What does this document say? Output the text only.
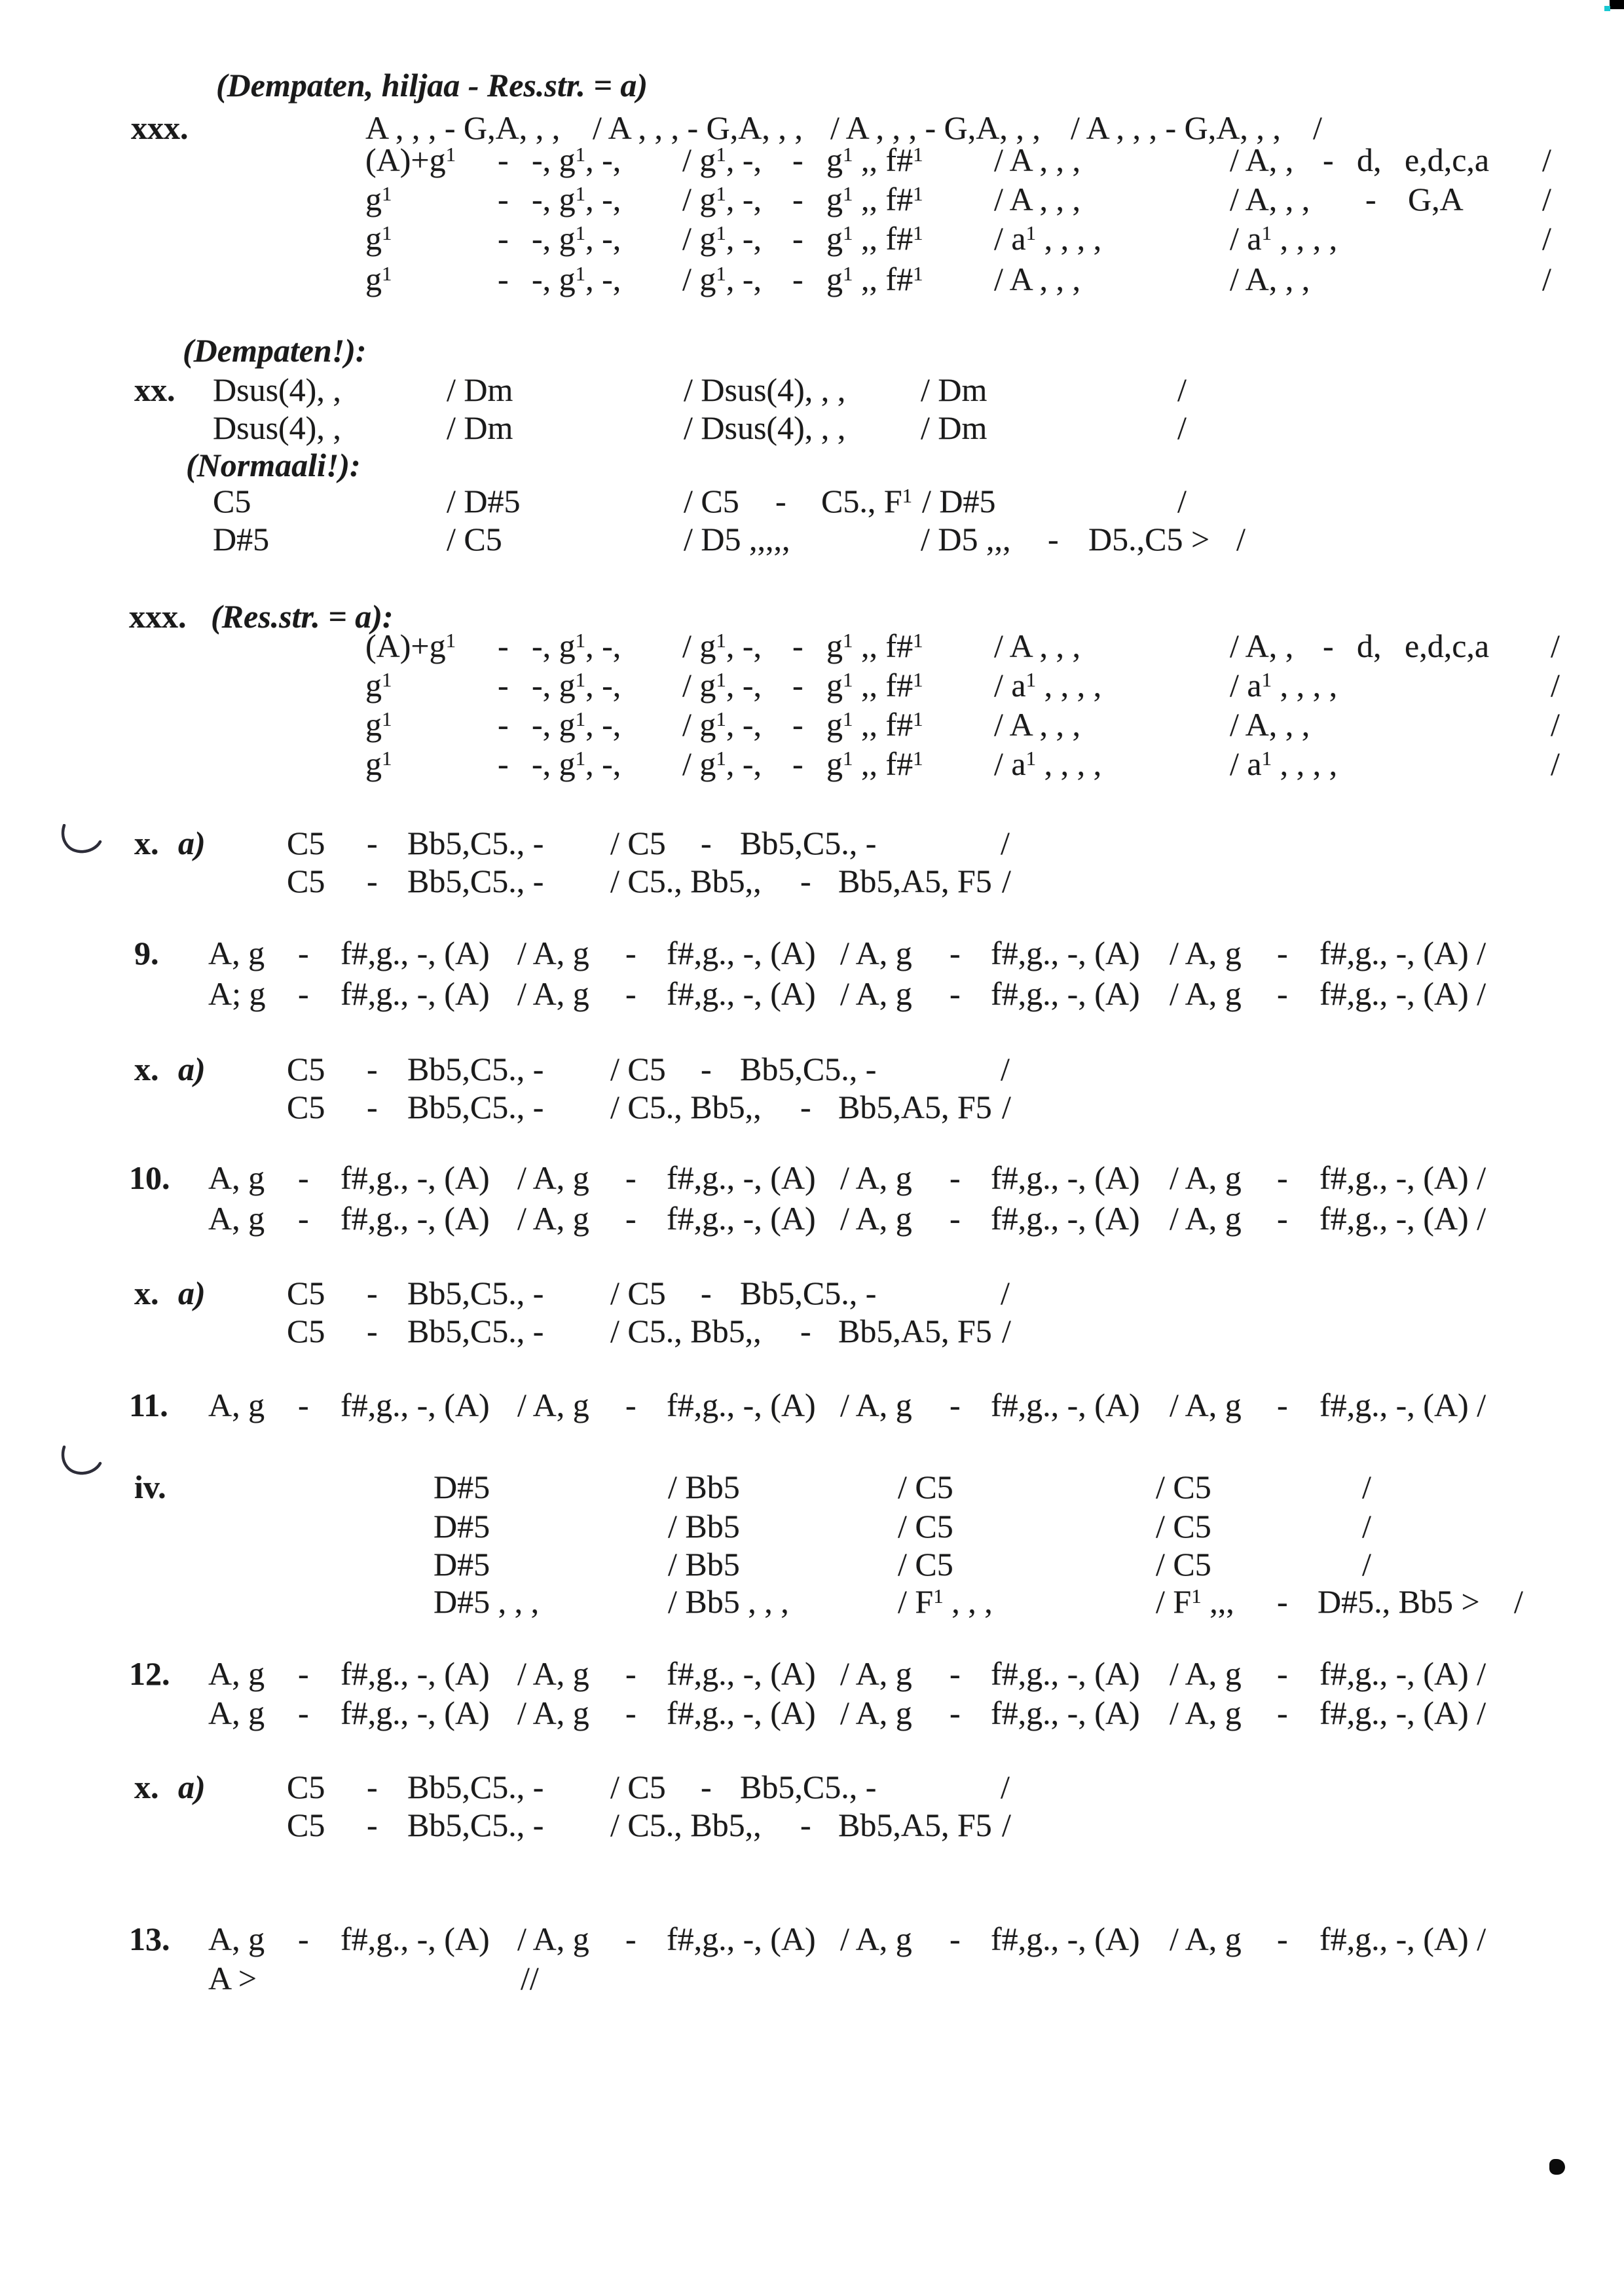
(Dempaten, hiljaa - Res.str. = a)
xxx.	A , , , - G,A, , , / A , , , - G,A, , , / A , , , - G,A, , , / A , , , - G,A, , , /
$(A)+g^1$ - -, $g^1$, -, / $g^1$, -, - $g^1$ ,, f#$^1$ / A , , ,	/ A, , - d, e,d,c,a /
$g^1$	- -, $g^1$, -, / $g^1$, -, - $g^1$ ,, f#$^1$ / A , , ,	/ A, , , - G,A /
$g^1$	- -, $g^1$, -, / $g^1$, -, - $g^1$ ,, f#$^1$ / $a^1$ , , , ,	/ $a^1$ , , , ,	/
$g^1$	- -, $g^1$, -, / $g^1$, -, - $g^1$ ,, f#$^1$ / A , , ,	/ A, , ,	/
(Dempaten!):
xx. Dsus(4), ,	/ Dm	/ Dsus(4), , , / Dm	/
Dsus(4), ,	/ Dm	/ Dsus(4), , , / Dm	/
(Normaali!):
C5	/ D#5	/ C5 - C5., $F^1$ / D#5	/
D#5	/ C5	/ D5 ,,,,,	/ D5 ,,, - D5.,C5 > /
xxx. (Res.str. = a):
$(A)+g^1$ - -, $g^1$, -, / $g^1$, -, - $g^1$ ,, f#$^1$ / A , , ,	/ A, , - d, e,d,c,a /
$g^1$	- -, $g^1$, -, / $g^1$, -, - $g^1$ ,, f#$^1$ / $a^1$ , , , ,	/ $a^1$ , , , ,	/
$g^1$	- -, $g^1$, -, / $g^1$, -, - $g^1$ ,, f#$^1$ / A , , ,	/ A, , ,	/
$g^1$	- -, $g^1$, -, / $g^1$, -, - $g^1$ ,, f#$^1$ / $a^1$ , , , ,	/ $a^1$ , , , ,	/
x. a) C5 - Bb5,C5., - / C5 - Bb5,C5., -	/
C5 - Bb5,C5., - / C5., Bb5,, - Bb5,A5, F5 /
9. A, g - f#,g., -, (A) / A, g - f#,g., -, (A) / A, g - f#,g., -, (A) / A, g - f#,g., -, (A) /
A; g - f#,g., -, (A) / A, g - f#,g., -, (A) / A, g - f#,g., -, (A) / A, g - f#,g., -, (A) /
x. a) C5 - Bb5,C5., - / C5 - Bb5,C5., -	/
C5 - Bb5,C5., - / C5., Bb5,, - Bb5,A5, F5 /
10. A, g - f#,g., -, (A) / A, g - f#,g., -, (A) / A, g - f#,g., -, (A) / A, g - f#,g., -, (A) /
A, g - f#,g., -, (A) / A, g - f#,g., -, (A) / A, g - f#,g., -, (A) / A, g - f#,g., -, (A) /
x. a) C5 - Bb5,C5., - / C5 - Bb5,C5., -	/
C5 - Bb5,C5., - / C5., Bb5,, - Bb5,A5, F5 /
11. A, g - f#,g., -, (A) / A, g - f#,g., -, (A) / A, g - f#,g., -, (A) / A, g - f#,g., -, (A) /
iv.	D#5	/ Bb5	/ C5	/ C5	/
D#5	/ Bb5	/ C5	/ C5	/
D#5	/ Bb5	/ C5	/ C5	/
D#5 , , ,	/ Bb5 , , ,	/ $F^1$ , , ,	/ $F^1$ ,,, - D#5., Bb5 > /
12. A, g - f#,g., -, (A) / A, g - f#,g., -, (A) / A, g - f#,g., -, (A) / A, g - f#,g., -, (A) /
A, g - f#,g., -, (A) / A, g - f#,g., -, (A) / A, g - f#,g., -, (A) / A, g - f#,g., -, (A) /
x. a) C5 - Bb5,C5., - / C5 - Bb5,C5., -	/
C5 - Bb5,C5., - / C5., Bb5,, - Bb5,A5, F5 /
13. A, g - f#,g., -, (A) / A, g - f#,g., -, (A) / A, g - f#,g., -, (A) / A, g - f#,g., -, (A) /
A >	//
